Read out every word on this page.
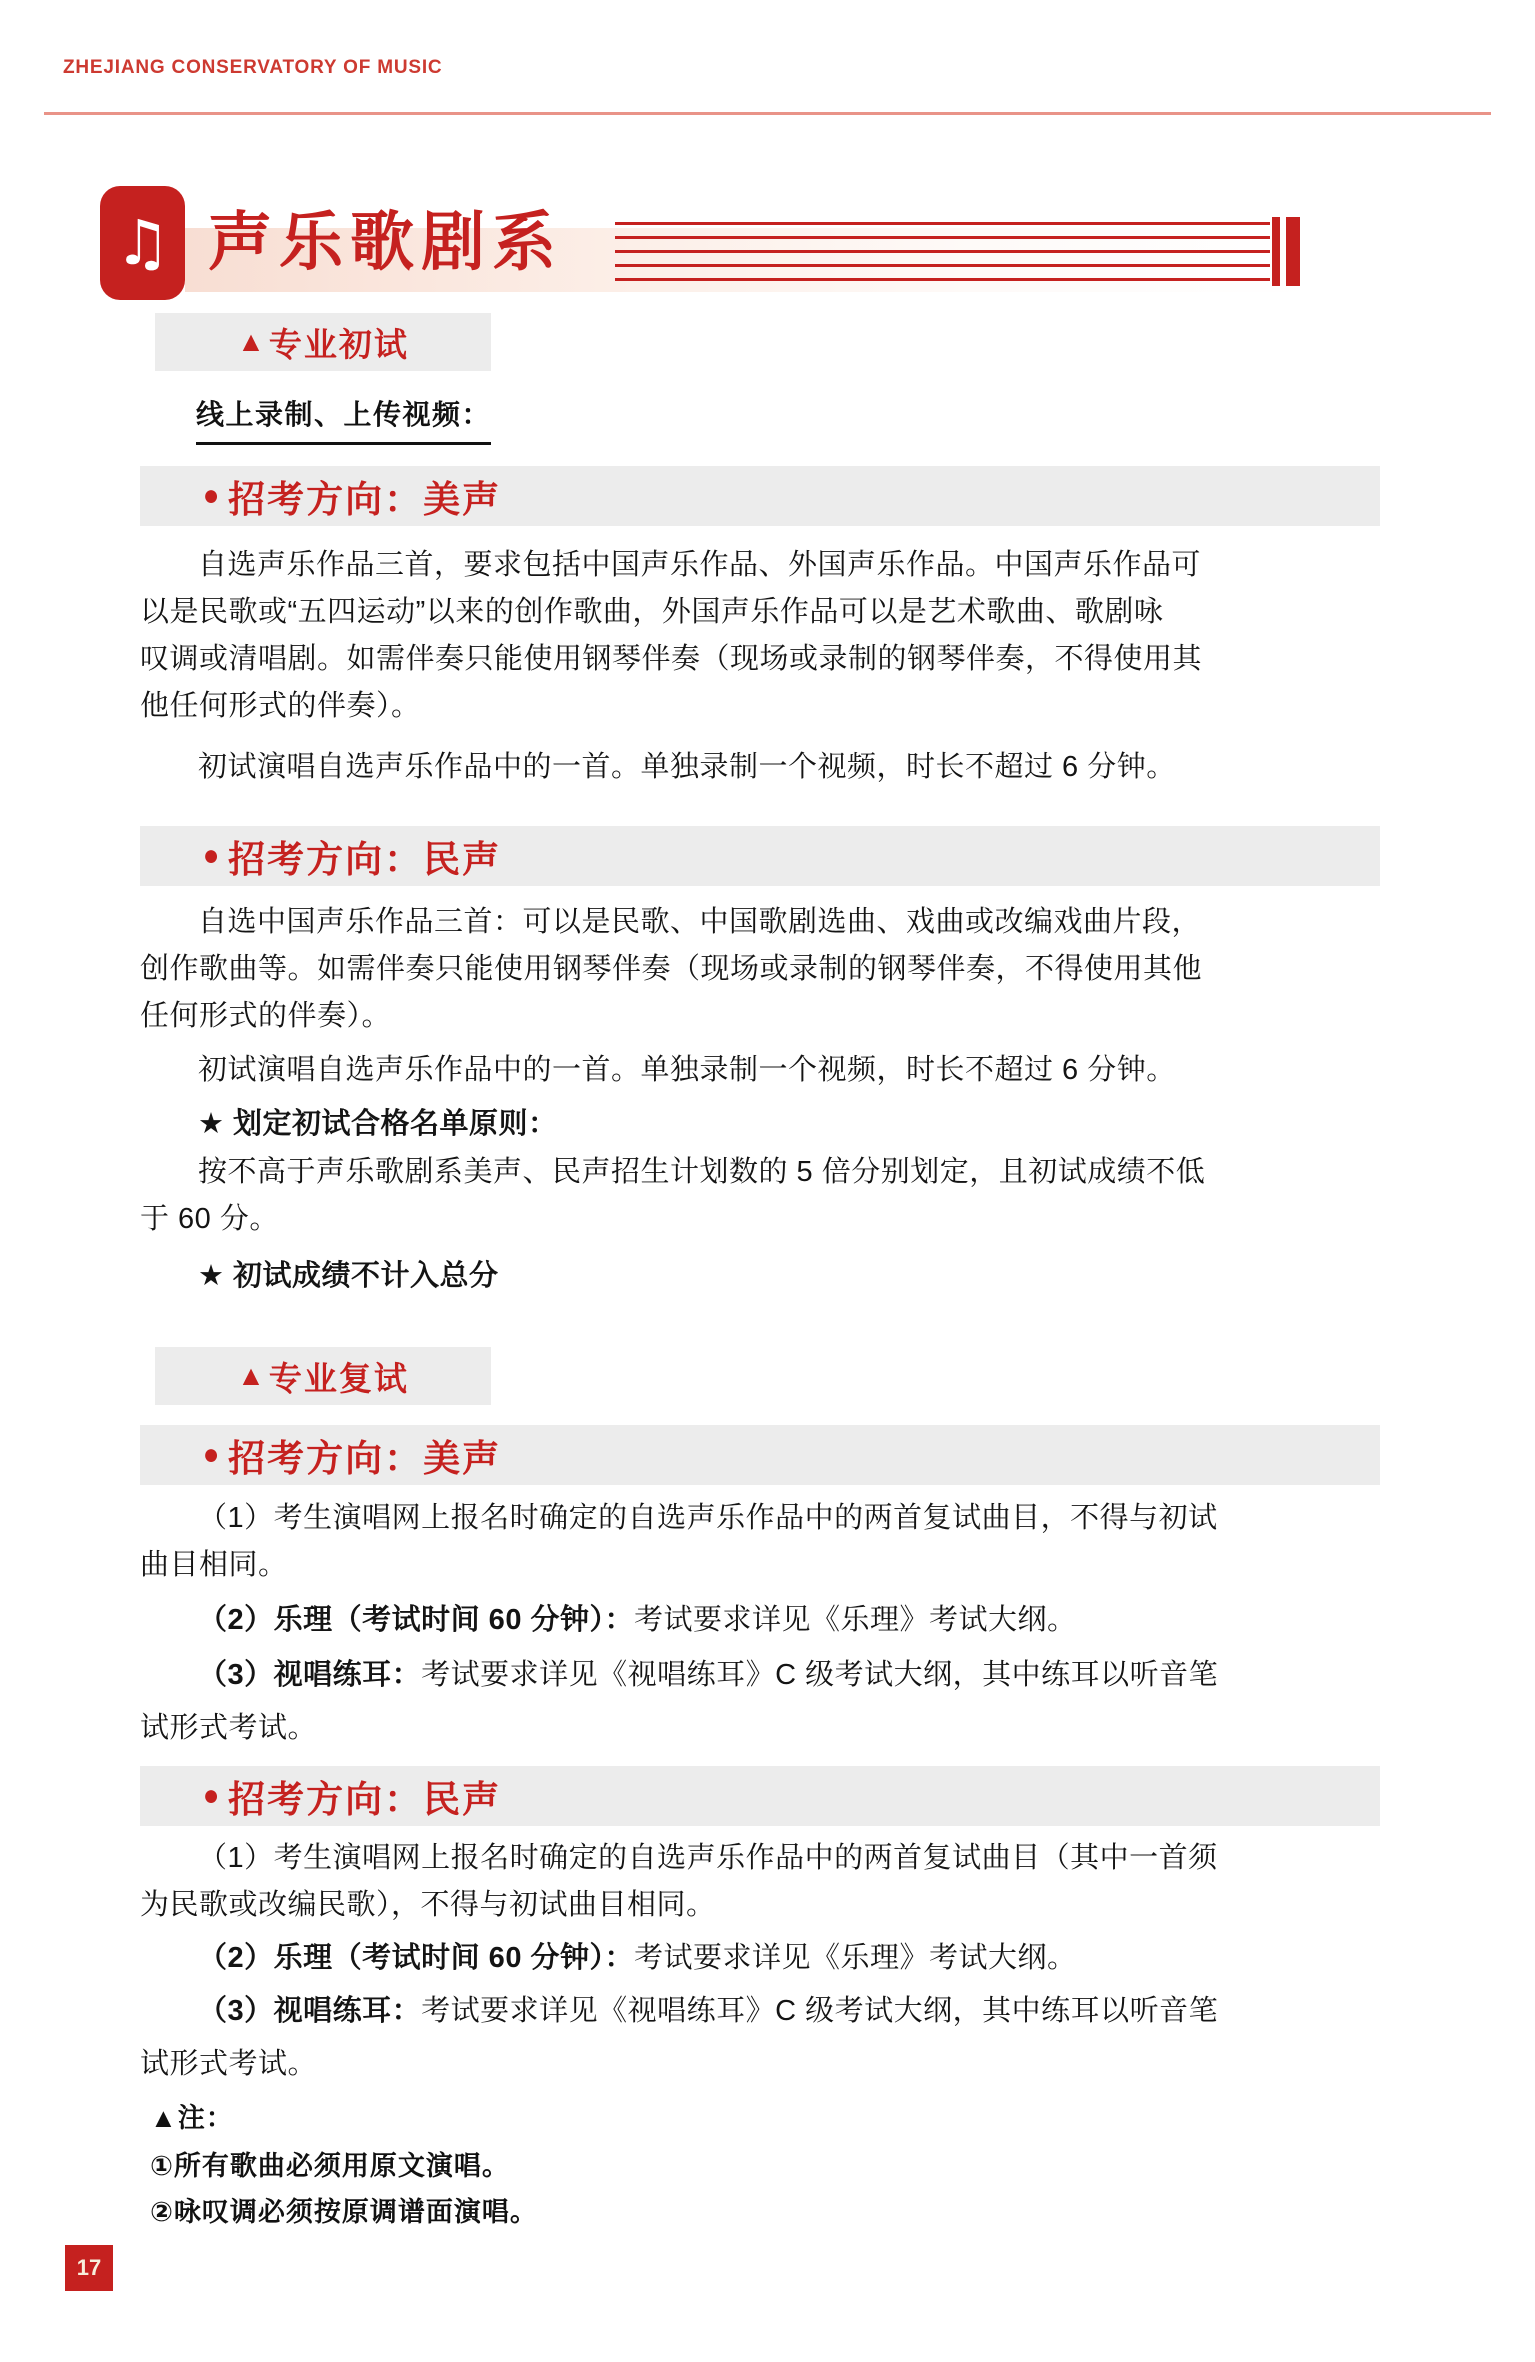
ZHEJIANG CONSERVATORY OF MUSIC
♫ 声乐歌剧系
▲ 专业初试
线上录制、上传视频：
● 招考方向：美声
自选声乐作品三首，要求包括中国声乐作品、外国声乐作品。中国声乐作品可
以是民歌或“五四运动”以来的创作歌曲，外国声乐作品可以是艺术歌曲、歌剧咏
叹调或清唱剧。如需伴奏只能使用钢琴伴奏（现场或录制的钢琴伴奏，不得使用其
他任何形式的伴奏）。
初试演唱自选声乐作品中的一首。单独录制一个视频，时长不超过 6 分钟。
● 招考方向：民声
自选中国声乐作品三首：可以是民歌、中国歌剧选曲、戏曲或改编戏曲片段，
创作歌曲等。如需伴奏只能使用钢琴伴奏（现场或录制的钢琴伴奏，不得使用其他
任何形式的伴奏）。
初试演唱自选声乐作品中的一首。单独录制一个视频，时长不超过 6 分钟。
★ 划定初试合格名单原则：
按不高于声乐歌剧系美声、民声招生计划数的 5 倍分别划定，且初试成绩不低
于 60 分。
★ 初试成绩不计入总分
▲ 专业复试
● 招考方向：美声
（1）考生演唱网上报名时确定的自选声乐作品中的两首复试曲目，不得与初试
曲目相同。
（2）乐理（考试时间 60 分钟）：考试要求详见《乐理》考试大纲。
（3）视唱练耳：考试要求详见《视唱练耳》C 级考试大纲，其中练耳以听音笔
试形式考试。
● 招考方向：民声
（1）考生演唱网上报名时确定的自选声乐作品中的两首复试曲目（其中一首须
为民歌或改编民歌），不得与初试曲目相同。
（2）乐理（考试时间 60 分钟）：考试要求详见《乐理》考试大纲。
（3）视唱练耳：考试要求详见《视唱练耳》C 级考试大纲，其中练耳以听音笔
试形式考试。
▲注：
①所有歌曲必须用原文演唱。
②咏叹调必须按原调谱面演唱。
17
